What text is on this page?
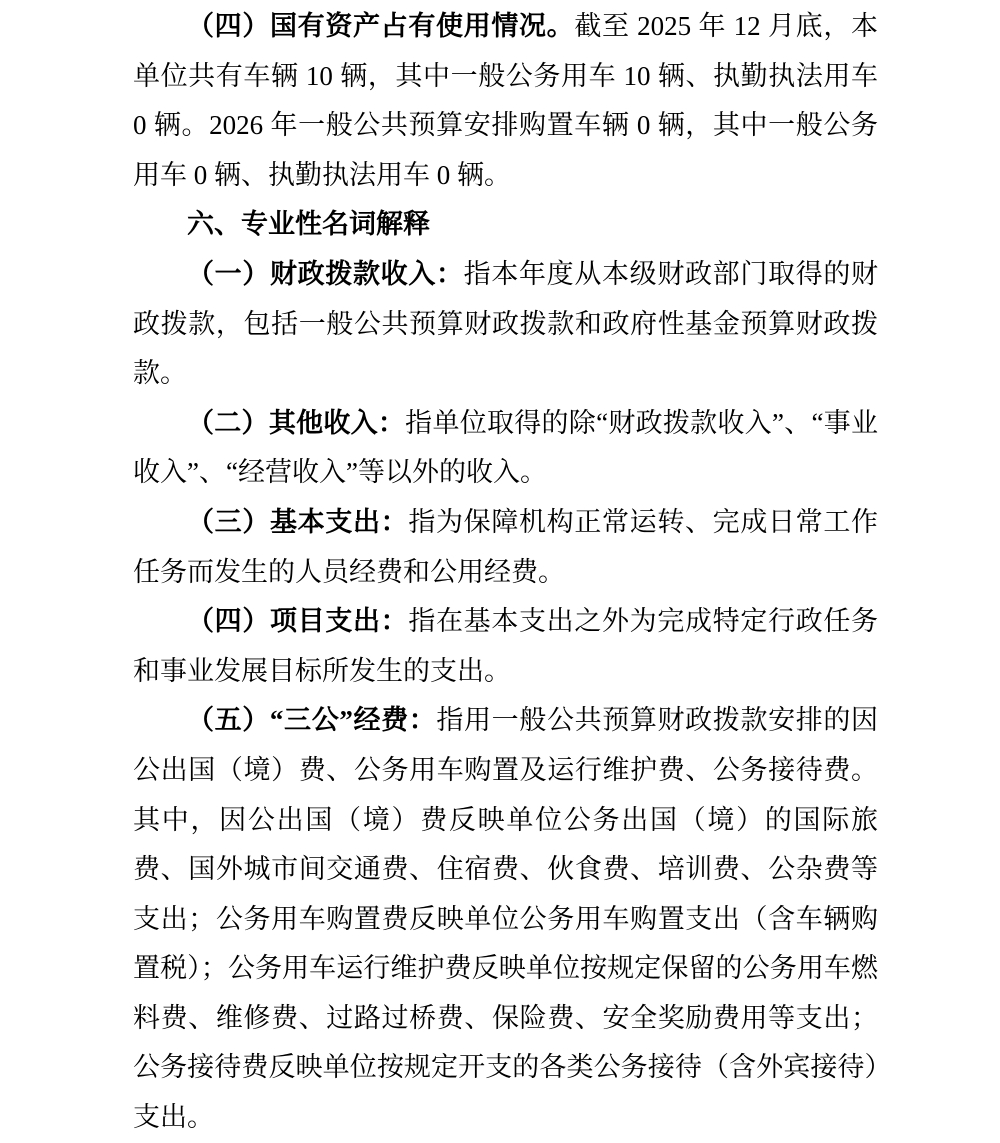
（四）国有资产占有使用情况。截至 2025 年 12 月底，本单位共有车辆 10 辆，其中一般公务用车 10 辆、执勤执法用车 0 辆。2026 年一般公共预算安排购置车辆 0 辆，其中一般公务用车 0 辆、执勤执法用车 0 辆。

六、专业性名词解释

（一）财政拨款收入：指本年度从本级财政部门取得的财政拨款，包括一般公共预算财政拨款和政府性基金预算财政拨款。

（二）其他收入：指单位取得的除“财政拨款收入”、“事业收入”、“经营收入”等以外的收入。

（三）基本支出：指为保障机构正常运转、完成日常工作任务而发生的人员经费和公用经费。

（四）项目支出：指在基本支出之外为完成特定行政任务和事业发展目标所发生的支出。

（五）“三公”经费：指用一般公共预算财政拨款安排的因公出国（境）费、公务用车购置及运行维护费、公务接待费。其中，因公出国（境）费反映单位公务出国（境）的国际旅费、国外城市间交通费、住宿费、伙食费、培训费、公杂费等支出；公务用车购置费反映单位公务用车购置支出（含车辆购置税）；公务用车运行维护费反映单位按规定保留的公务用车燃料费、维修费、过路过桥费、保险费、安全奖励费用等支出；公务接待费反映单位按规定开支的各类公务接待（含外宾接待）支出。
